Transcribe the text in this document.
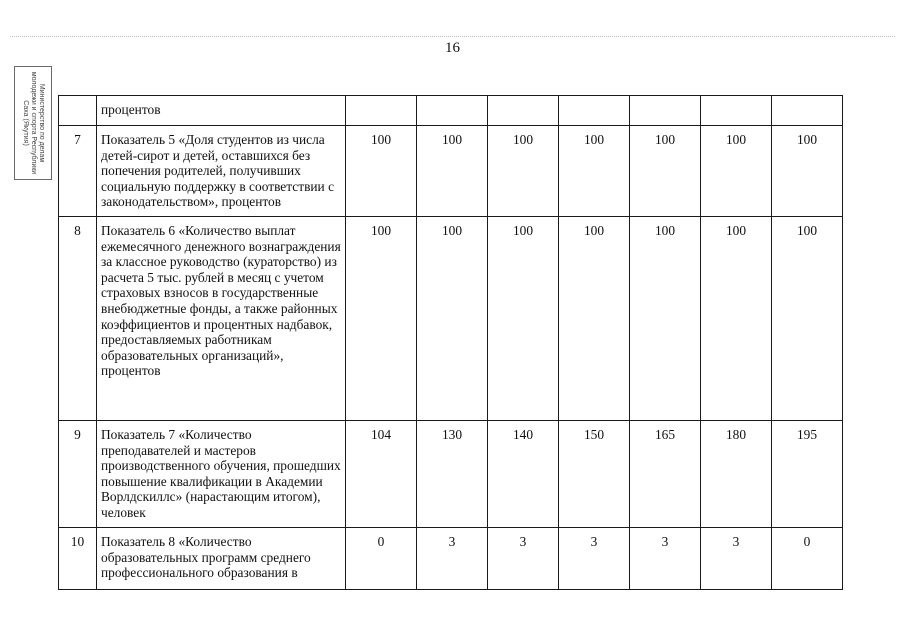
16
Министерство по делам молодежи и спорта Республики Саха (Якутия)
		процентов							
7	Показатель 5 «Доля студентов из числа детей-сирот и детей, оставшихся без попечения родителей, получивших социальную поддержку в соответствии с законодательством», процентов	100	100	100	100	100	100	100
8	Показатель 6 «Количество выплат ежемесячного денежного вознаграждения за классное руководство (кураторство) из расчета 5 тыс. рублей в месяц с учетом страховых взносов в государственные внебюджетные фонды, а также районных коэффициентов и процентных надбавок, предоставляемых работникам образовательных организаций», процентов	100	100	100	100	100	100	100
9	Показатель 7 «Количество преподавателей и мастеров производственного обучения, прошедших повышение квалификации в Академии Ворлдскиллс» (нарастающим итогом), человек	104	130	140	150	165	180	195
10	Показатель 8 «Количество образовательных программ среднего профессионального образования в	0	3	3	3	3	3	0
